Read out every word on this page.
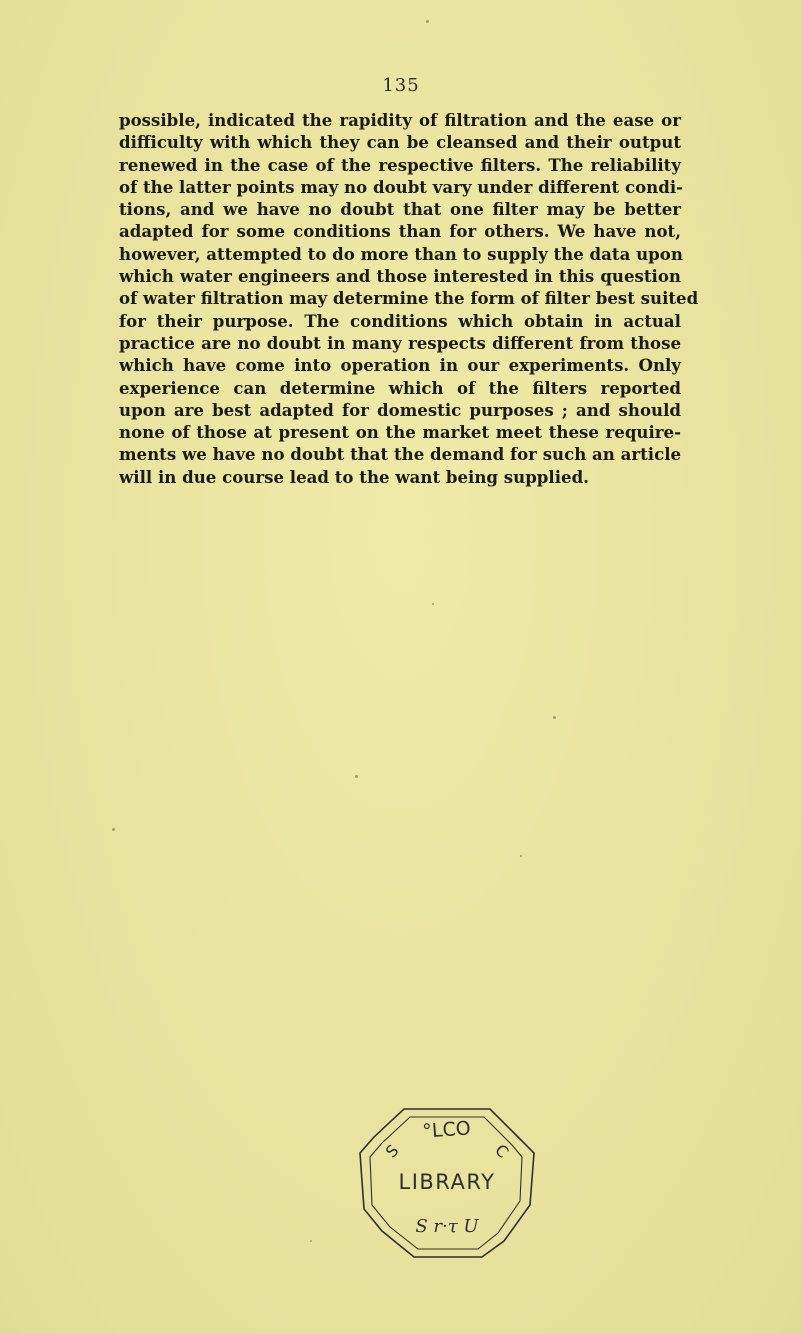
135

possible, indicated the rapidity of filtration and the ease or
difficulty with which they can be cleansed and their output
renewed in the case of the respective filters. The reliability
of the latter points may no doubt vary under different condi-
tions, and we have no doubt that one filter may be better
adapted for some conditions than for others. We have not,
however, attempted to do more than to supply the data upon
which water engineers and those interested in this question
of water filtration may determine the form of filter best suited
for their purpose. The conditions which obtain in actual
practice are no doubt in many respects different from those
which have come into operation in our experiments. Only
experience can determine which of the filters reported
upon are best adapted for domestic purposes ; and should
none of those at present on the market meet these require-
ments we have no doubt that the demand for such an article
will in due course lead to the want being supplied.

°LCO
S	C
LIBRARY
S r·τ U
